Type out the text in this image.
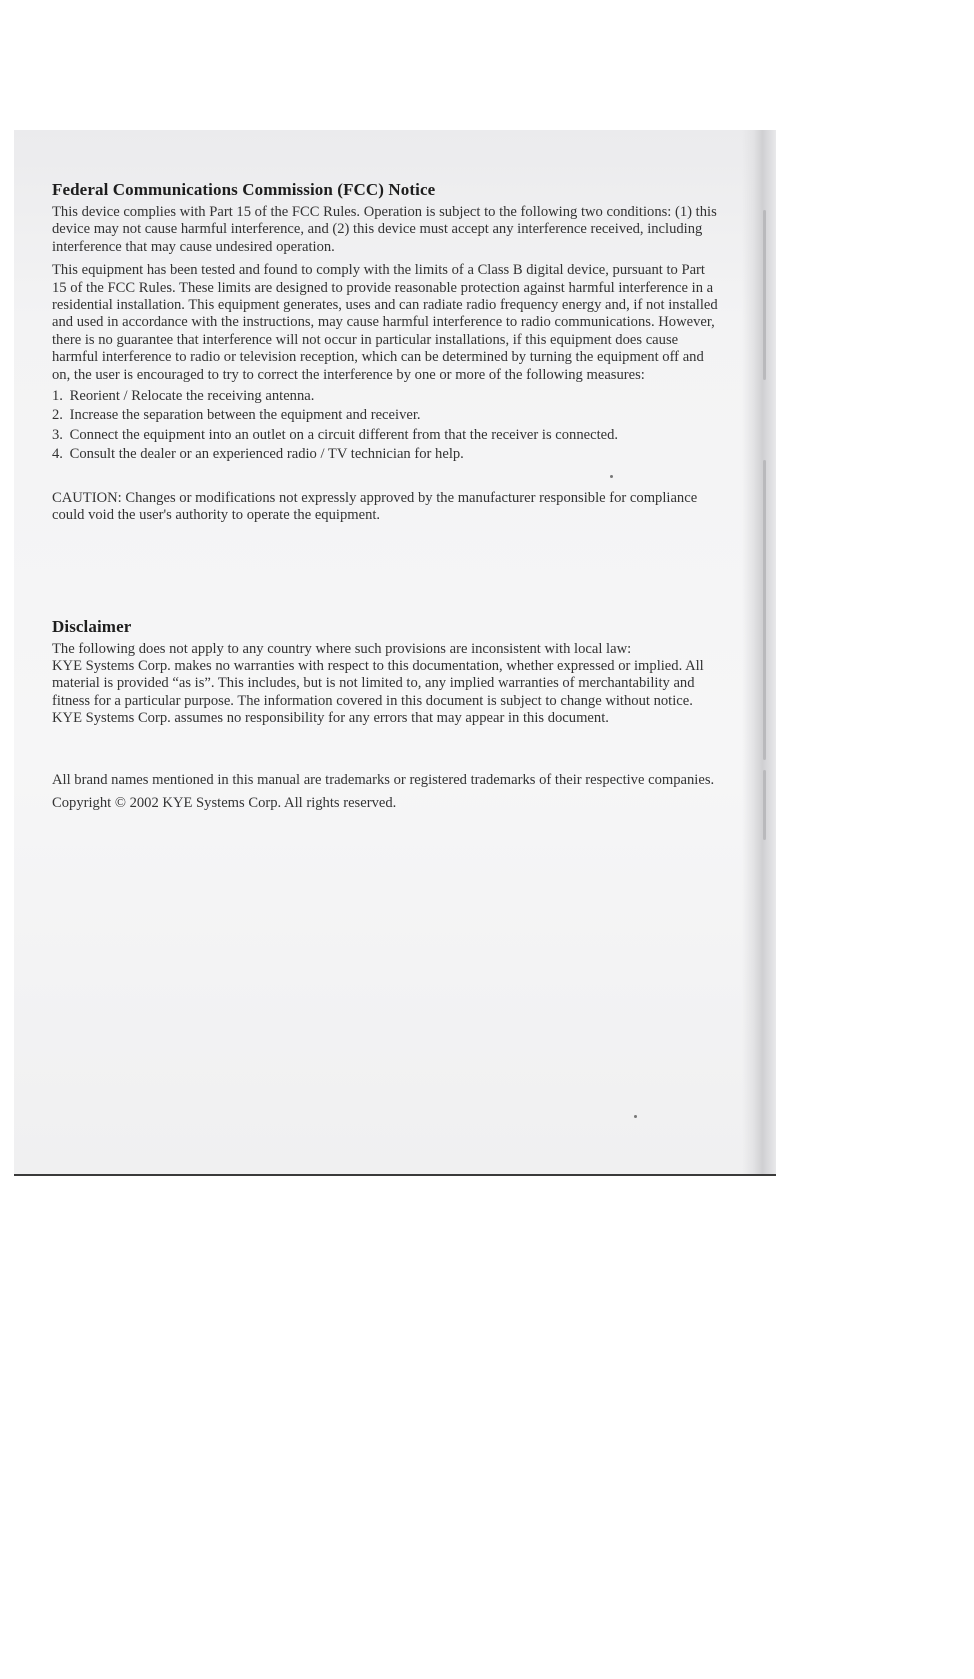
Federal Communications Commission (FCC) Notice

This device complies with Part 15 of the FCC Rules. Operation is subject to the following two conditions: (1) this device may not cause harmful interference, and (2) this device must accept any interference received, including interference that may cause undesired operation.

This equipment has been tested and found to comply with the limits of a Class B digital device, pursuant to Part 15 of the FCC Rules. These limits are designed to provide reasonable protection against harmful interference in a residential installation. This equipment generates, uses and can radiate radio frequency energy and, if not installed and used in accordance with the instructions, may cause harmful interference to radio communications. However, there is no guarantee that interference will not occur in particular installations, if this equipment does cause harmful interference to radio or television reception, which can be determined by turning the equipment off and on, the user is encouraged to try to correct the interference by one or more of the following measures:

1. Reorient / Relocate the receiving antenna.
2. Increase the separation between the equipment and receiver.
3. Connect the equipment into an outlet on a circuit different from that the receiver is connected.
4. Consult the dealer or an experienced radio / TV technician for help.

CAUTION: Changes or modifications not expressly approved by the manufacturer responsible for compliance could void the user's authority to operate the equipment.

Disclaimer

The following does not apply to any country where such provisions are inconsistent with local law:

KYE Systems Corp. makes no warranties with respect to this documentation, whether expressed or implied. All material is provided “as is”. This includes, but is not limited to, any implied warranties of merchantability and fitness for a particular purpose. The information covered in this document is subject to change without notice. KYE Systems Corp. assumes no responsibility for any errors that may appear in this document.

All brand names mentioned in this manual are trademarks or registered trademarks of their respective companies.

Copyright © 2002 KYE Systems Corp. All rights reserved.
